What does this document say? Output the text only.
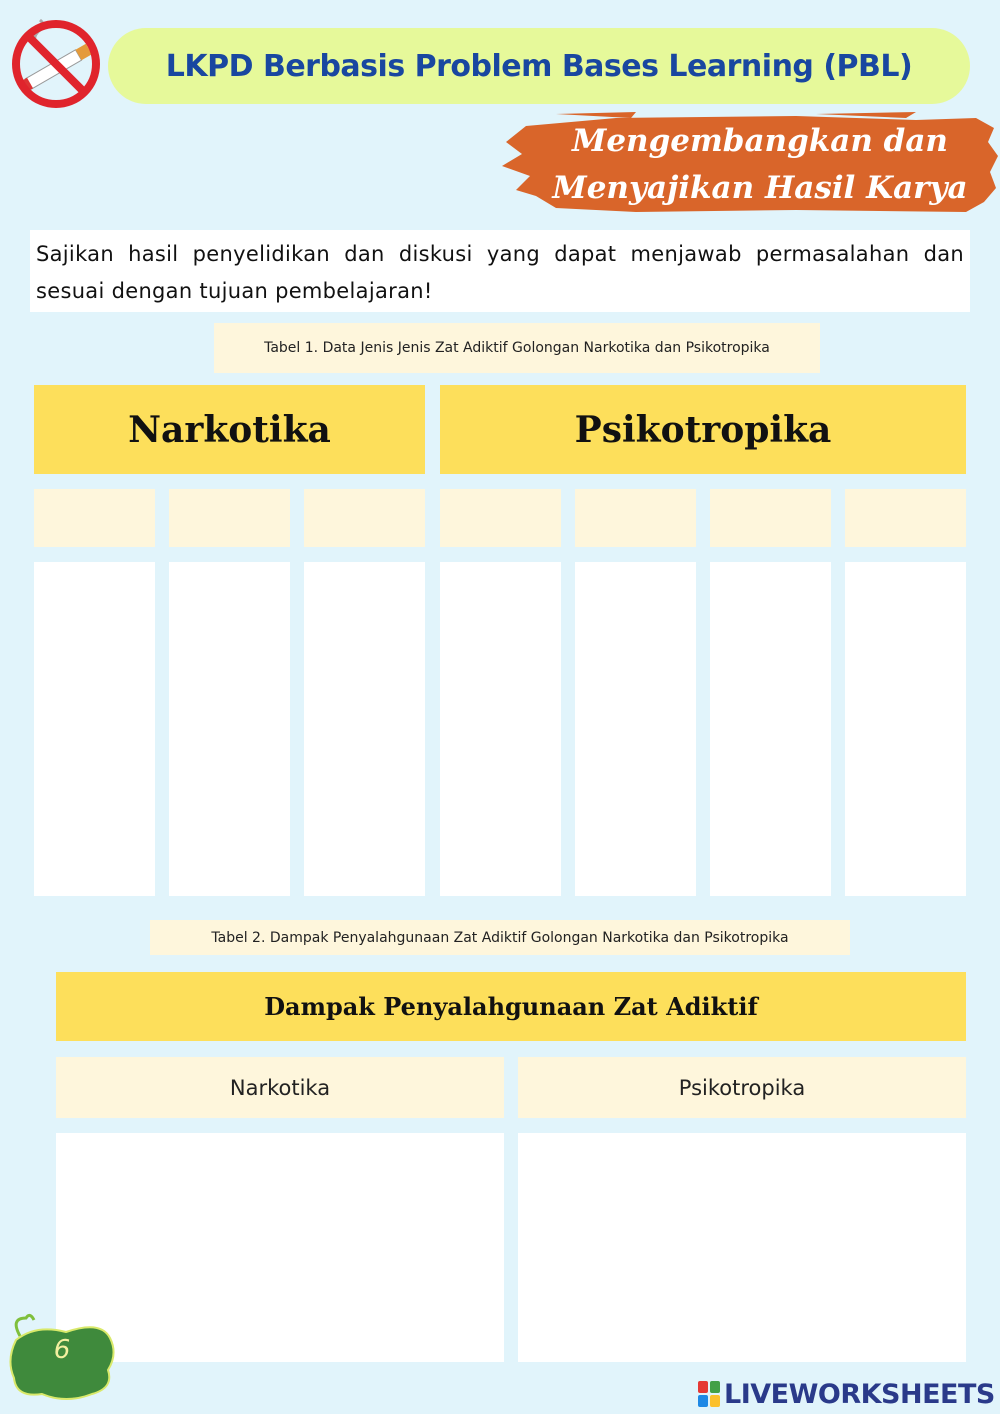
LKPD Berbasis Problem Bases Learning (PBL)
Mengembangkan dan
Menyajikan Hasil Karya
Sajikan hasil penyelidikan dan diskusi yang dapat menjawab permasalahan dan sesuai dengan tujuan pembelajaran!
Tabel 1. Data Jenis Jenis Zat Adiktif Golongan Narkotika dan Psikotropika
Narkotika	Psikotropika
Tabel 2. Dampak Penyalahgunaan Zat Adiktif Golongan Narkotika dan Psikotropika
Dampak Penyalahgunaan Zat Adiktif
Narkotika	Psikotropika
6
LIVEWORKSHEETS
